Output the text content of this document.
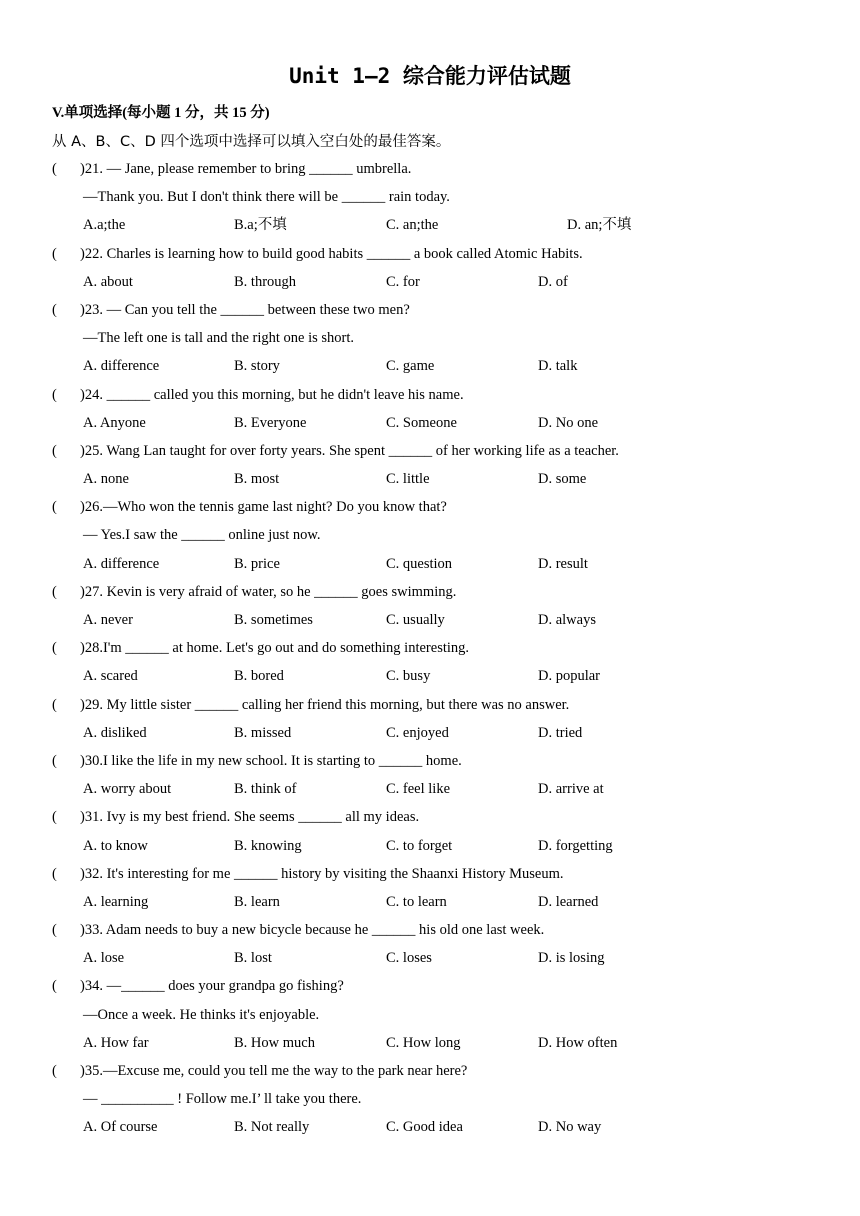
Unit 1—2 综合能力评估试题
V.单项选择(每小题 1 分，共 15 分)
从 A、B、C、D 四个选项中选择可以填入空白处的最佳答案。
( )21. — Jane, please remember to bring ______ umbrella.
—Thank you. But I don't think there will be ______ rain today.
A.a;the	B.a;不填	C. an;the	D. an;不填
( )22. Charles is learning how to build good habits ______ a book called Atomic Habits.
A. about	B. through	C. for	D. of
( )23. — Can you tell the ______ between these two men?
—The left one is tall and the right one is short.
A. difference	B. story	C. game	D. talk
( )24. ______ called you this morning, but he didn't leave his name.
A. Anyone	B. Everyone	C. Someone	D. No one
( )25. Wang Lan taught for over forty years. She spent ______ of her working life as a teacher.
A. none	B. most	C. little	D. some
( )26.—Who won the tennis game last night? Do you know that?
— Yes.I saw the ______ online just now.
A. difference	B. price	C. question	D. result
( )27. Kevin is very afraid of water, so he ______ goes swimming.
A. never	B. sometimes	C. usually	D. always
( )28.I'm ______ at home. Let's go out and do something interesting.
A. scared	B. bored	C. busy	D. popular
( )29. My little sister ______ calling her friend this morning, but there was no answer.
A. disliked	B. missed	C. enjoyed	D. tried
( )30.I like the life in my new school. It is starting to ______ home.
A. worry about	B. think of	C. feel like	D. arrive at
( )31. Ivy is my best friend. She seems ______ all my ideas.
A. to know	B. knowing	C. to forget	D. forgetting
( )32. It's interesting for me ______ history by visiting the Shaanxi History Museum.
A. learning	B. learn	C. to learn	D. learned
( )33. Adam needs to buy a new bicycle because he ______ his old one last week.
A. lose	B. lost	C. loses	D. is losing
( )34. —______ does your grandpa go fishing?
—Once a week. He thinks it's enjoyable.
A. How far	B. How much	C. How long	D. How often
( )35.—Excuse me, could you tell me the way to the park near here?
— __________ ! Follow me.I’ ll take you there.
A. Of course	B. Not really	C. Good idea	D. No way
